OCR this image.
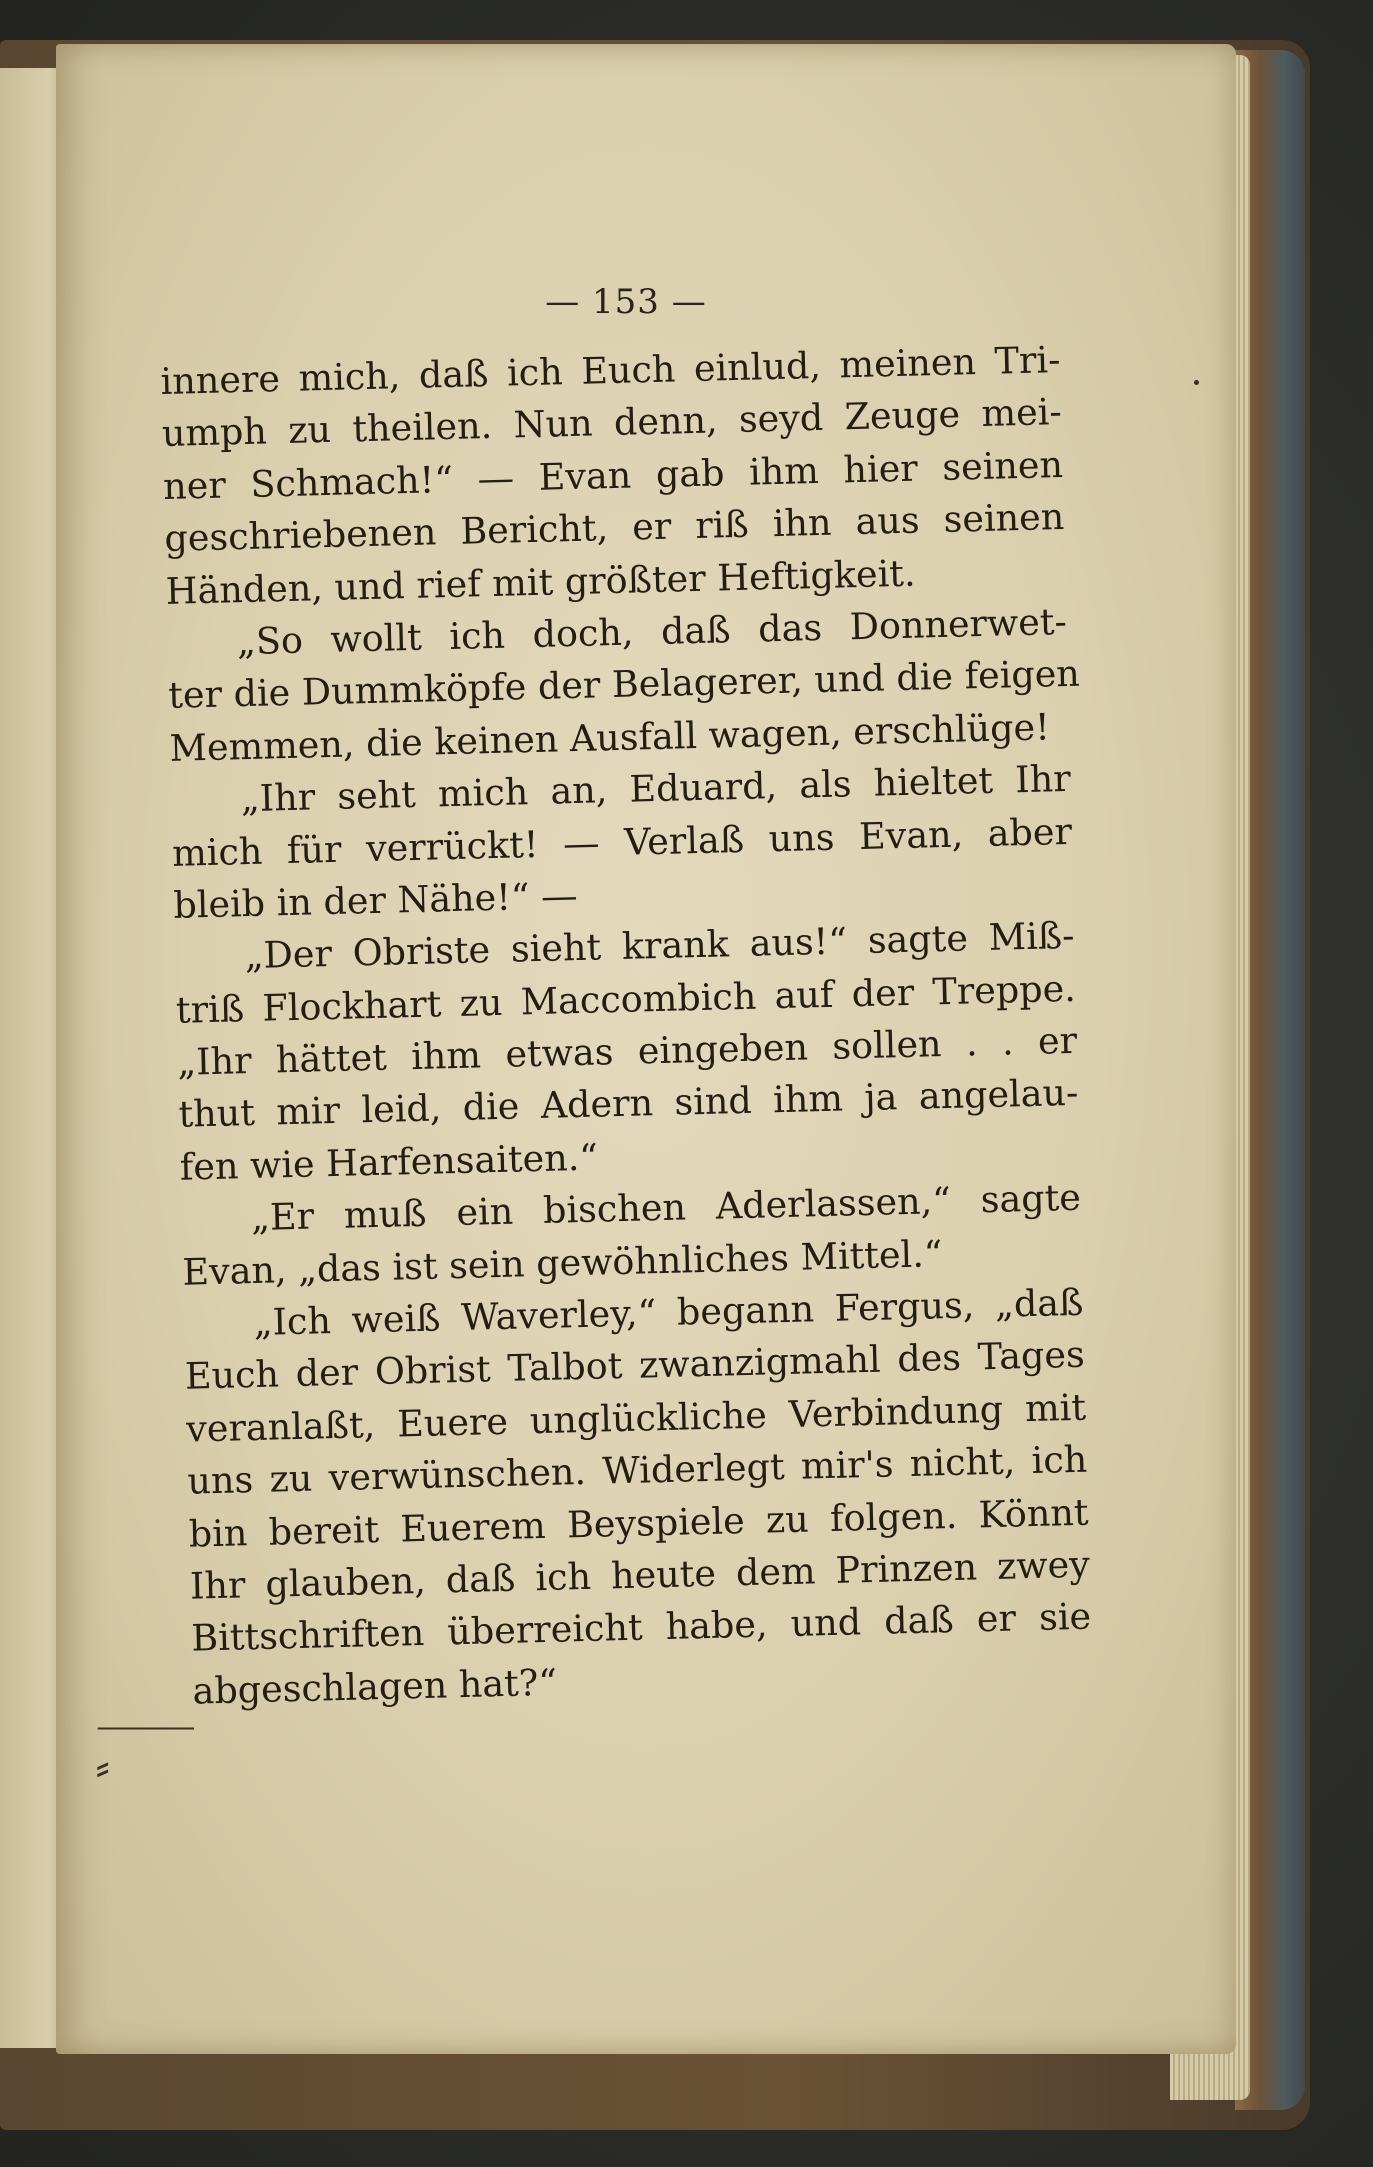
— 153 —
innere mich, daß ich Euch einlud, meinen Tri-
umph zu theilen. Nun denn, seyd Zeuge mei-
ner Schmach!“ — Evan gab ihm hier seinen
geschriebenen Bericht, er riß ihn aus seinen
Händen, und rief mit größter Heftigkeit.
„So wollt ich doch, daß das Donnerwet-
ter die Dummköpfe der Belagerer, und die feigen
Memmen, die keinen Ausfall wagen, erschlüge!
„Ihr seht mich an, Eduard, als hieltet Ihr
mich für verrückt! — Verlaß uns Evan, aber
bleib in der Nähe!“ —
„Der Obriste sieht krank aus!“ sagte Miß-
triß Flockhart zu Maccombich auf der Treppe.
„Ihr hättet ihm etwas eingeben sollen . . er
thut mir leid, die Adern sind ihm ja angelau-
fen wie Harfensaiten.“
„Er muß ein bischen Aderlassen,“ sagte
Evan, „das ist sein gewöhnliches Mittel.“
„Ich weiß Waverley,“ begann Fergus, „daß
Euch der Obrist Talbot zwanzigmahl des Tages
veranlaßt, Euere unglückliche Verbindung mit
uns zu verwünschen. Widerlegt mir's nicht, ich
bin bereit Euerem Beyspiele zu folgen. Könnt
Ihr glauben, daß ich heute dem Prinzen zwey
Bittschriften überreicht habe, und daß er sie
abgeschlagen hat?“
⸻
⸗
